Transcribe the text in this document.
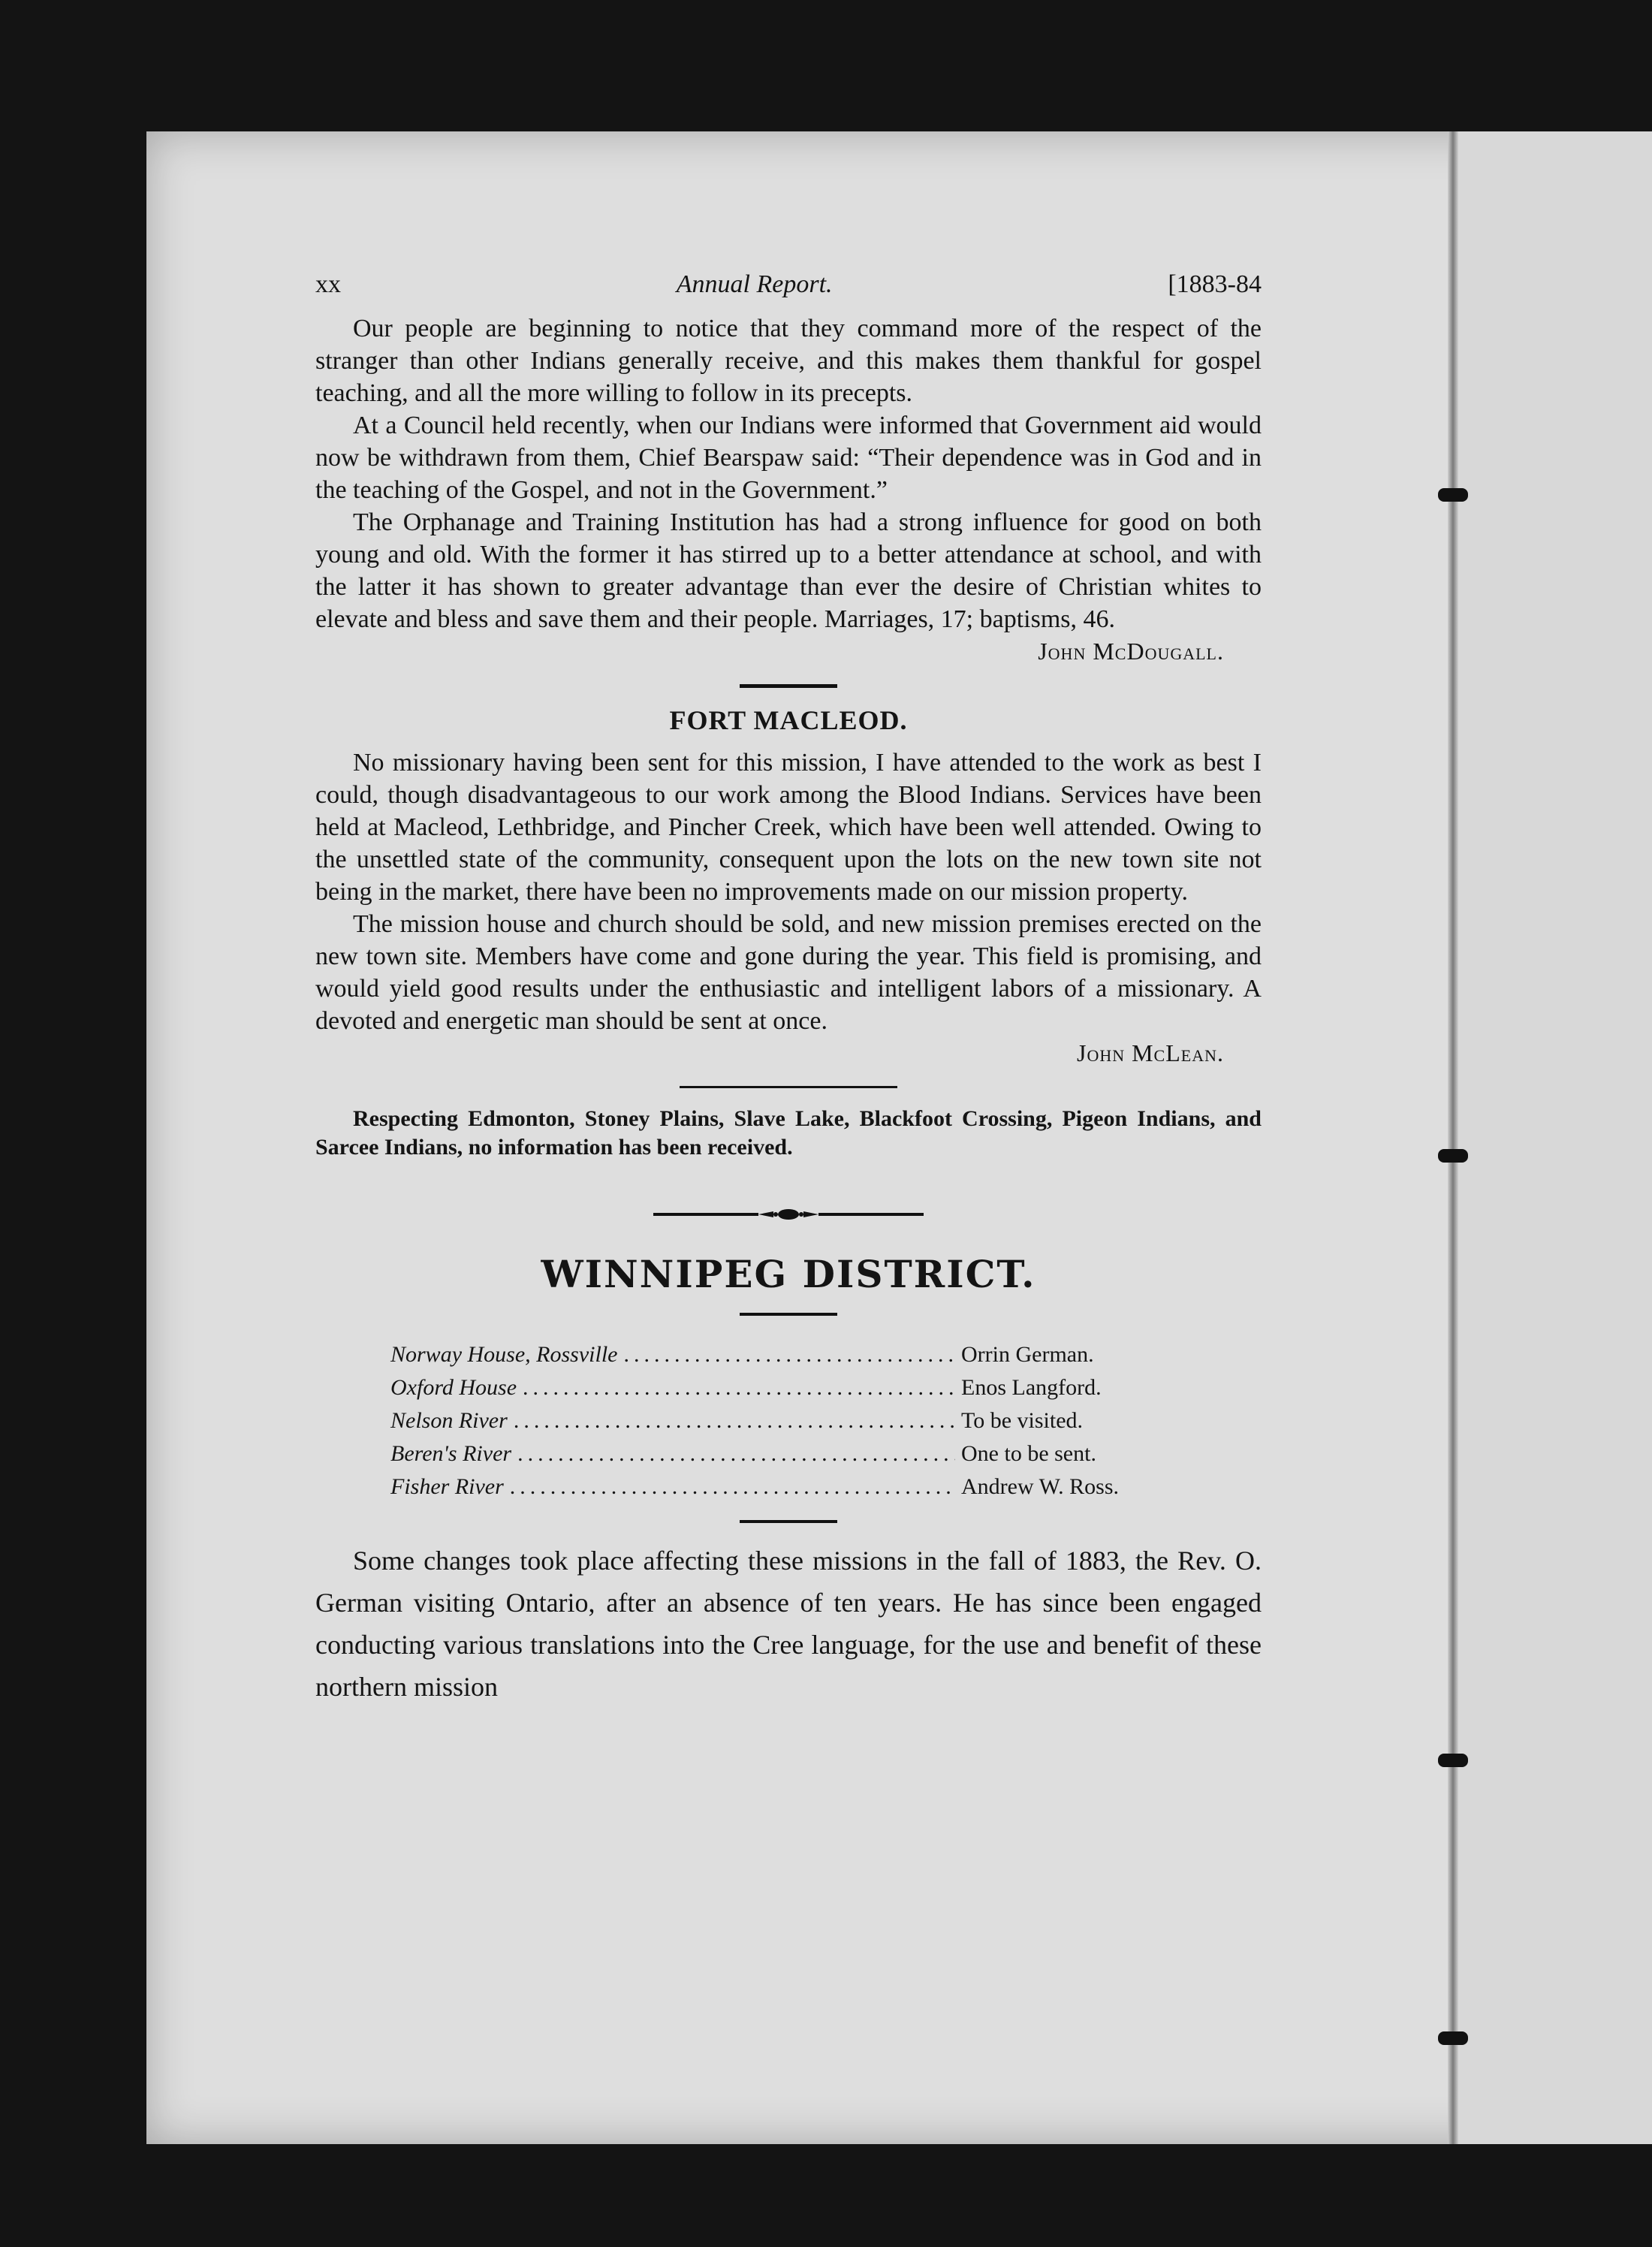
xx	Annual Report.	[1883-84

Our people are beginning to notice that they command more of the respect of the stranger than other Indians generally receive, and this makes them thankful for gospel teaching, and all the more willing to follow in its precepts.

At a Council held recently, when our Indians were informed that Government aid would now be withdrawn from them, Chief Bearspaw said: “Their dependence was in God and in the teaching of the Gospel, and not in the Government.”

The Orphanage and Training Institution has had a strong influence for good on both young and old. With the former it has stirred up to a better attendance at school, and with the latter it has shown to greater advantage than ever the desire of Christian whites to elevate and bless and save them and their people. Marriages, 17; baptisms, 46.

John McDougall.
FORT MACLEOD.

No missionary having been sent for this mission, I have attended to the work as best I could, though disadvantageous to our work among the Blood Indians. Services have been held at Macleod, Lethbridge, and Pincher Creek, which have been well attended. Owing to the unsettled state of the community, consequent upon the lots on the new town site not being in the market, there have been no improvements made on our mission property.

The mission house and church should be sold, and new mission premises erected on the new town site. Members have come and gone during the year. This field is promising, and would yield good results under the enthusiastic and intelligent labors of a missionary. A devoted and energetic man should be sent at once.

John McLean.
Respecting Edmonton, Stoney Plains, Slave Lake, Blackfoot Crossing, Pigeon Indians, and Sarcee Indians, no information has been received.
WINNIPEG DISTRICT.
Norway House, Rossville .....	Orrin German.
Oxford House .....	Enos Langford.
Nelson River .....	To be visited.
Beren's River .....	One to be sent.
Fisher River .....	Andrew W. Ross.

Some changes took place affecting these missions in the fall of 1883, the Rev. O. German visiting Ontario, after an absence of ten years. He has since been engaged conducting various translations into the Cree language, for the use and benefit of these northern mission
